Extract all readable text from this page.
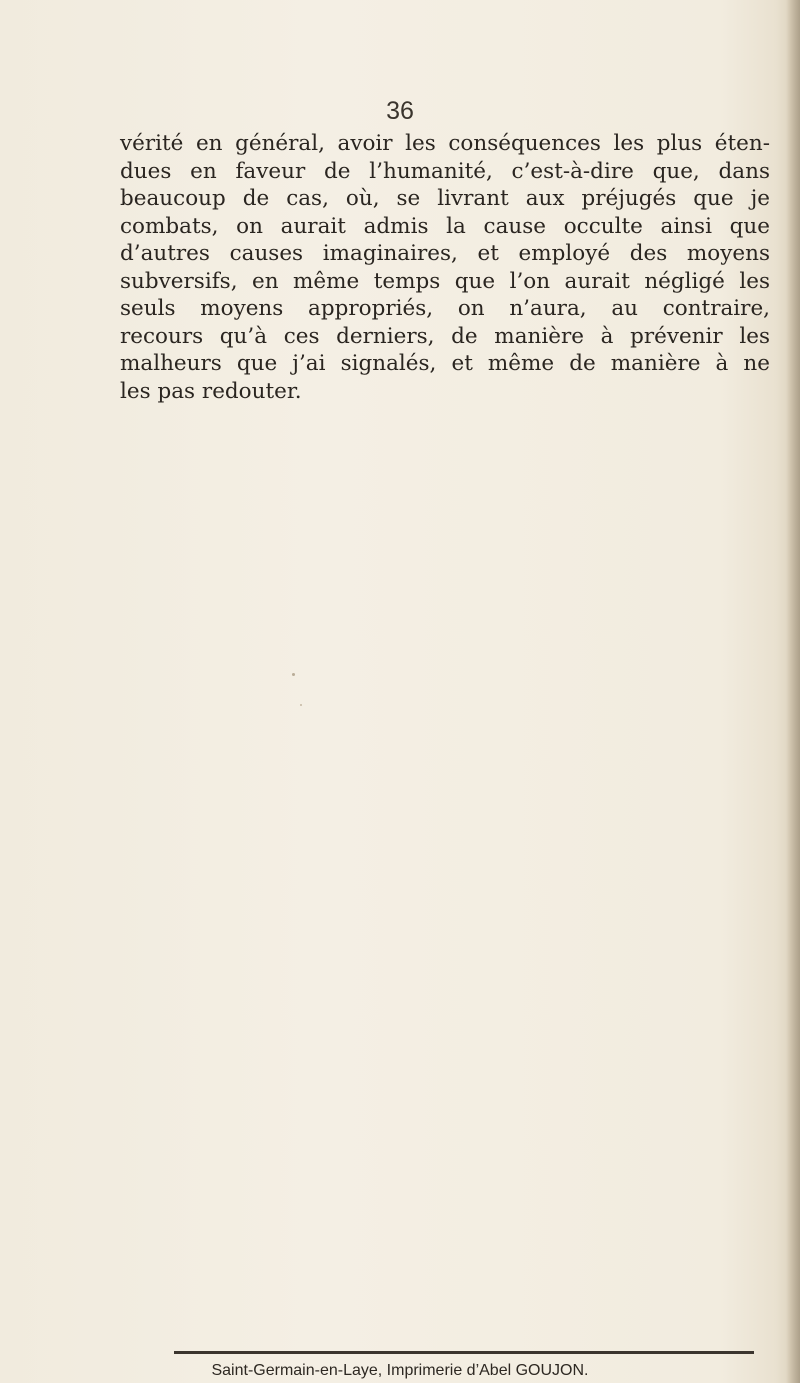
36
vérité en général, avoir les conséquences les plus éten-
dues en faveur de l’humanité, c’est-à-dire que, dans
beaucoup de cas, où, se livrant aux préjugés que je
combats, on aurait admis la cause occulte ainsi que
d’autres causes imaginaires, et employé des moyens
subversifs, en même temps que l’on aurait négligé les
seuls moyens appropriés, on n’aura, au contraire,
recours qu’à ces derniers, de manière à prévenir les
malheurs que j’ai signalés, et même de manière à ne
les pas redouter.
Saint-Germain-en-Laye, Imprimerie d’Abel GOUJON.
